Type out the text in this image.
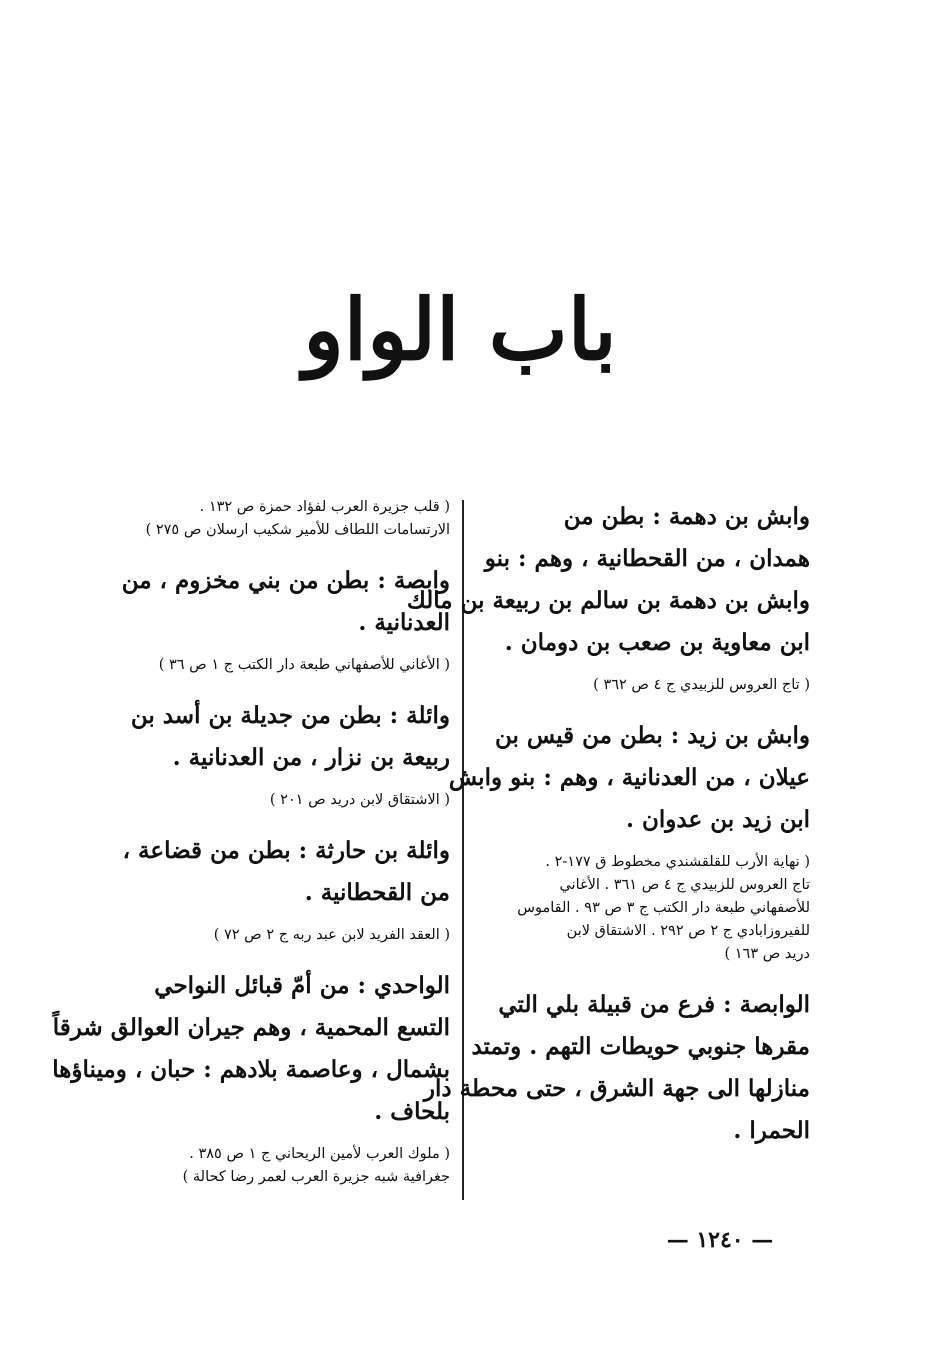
باب الواو
وابش بن دهمة : بطن من
همدان ، من القحطانية ، وهم : بنو
وابش بن دهمة بن سالم بن ربيعة بن مالك
ابن معاوية بن صعب بن دومان .
( تاج العروس للزبيدي ج ٤ ص ٣٦٢ )
وابش بن زيد : بطن من قيس بن
عيلان ، من العدنانية ، وهم : بنو وابش
ابن زيد بن عدوان .
( نهاية الأرب للقلقشندي مخطوط ق ١٧٧-٢ .
تاج العروس للزبيدي ج ٤ ص ٣٦١ . الأغاني
للأصفهاني طبعة دار الكتب ج ٣ ص ٩٣ . القاموس
للفيروزابادي ج ٢ ص ٢٩٢ . الاشتقاق لابن
دريد ص ١٦٣ )
الوابصة : فرع من قبيلة بلي التي
مقرها جنوبي حويطات التهم . وتمتد
منازلها الى جهة الشرق ، حتى محطة دار
الحمرا .
( قلب جزيرة العرب لفؤاد حمزة ص ١٣٢ .
الارتسامات اللطاف للأمير شكيب ارسلان ص ٢٧٥ )
وابصة : بطن من بني مخزوم ، من
العدنانية .
( الأغاني للأصفهاني طبعة دار الكتب ج ١ ص ٣٦ )
وائلة : بطن من جديلة بن أسد بن
ربيعة بن نزار ، من العدنانية .
( الاشتقاق لابن دريد ص ٢٠١ )
وائلة بن حارثة : بطن من قضاعة ،
من القحطانية .
( العقد الفريد لابن عبد ربه ج ٢ ص ٧٢ )
الواحدي : من أمّ قبائل النواحي
التسع المحمية ، وهم جيران العوالق شرقاً
بشمال ، وعاصمة بلادهم : حبان ، وميناؤها
بلحاف .
( ملوك العرب لأمين الريحاني ج ١ ص ٣٨٥ .
جغرافية شبه جزيرة العرب لعمر رضا كحالة )
— ١٢٤٠ —
